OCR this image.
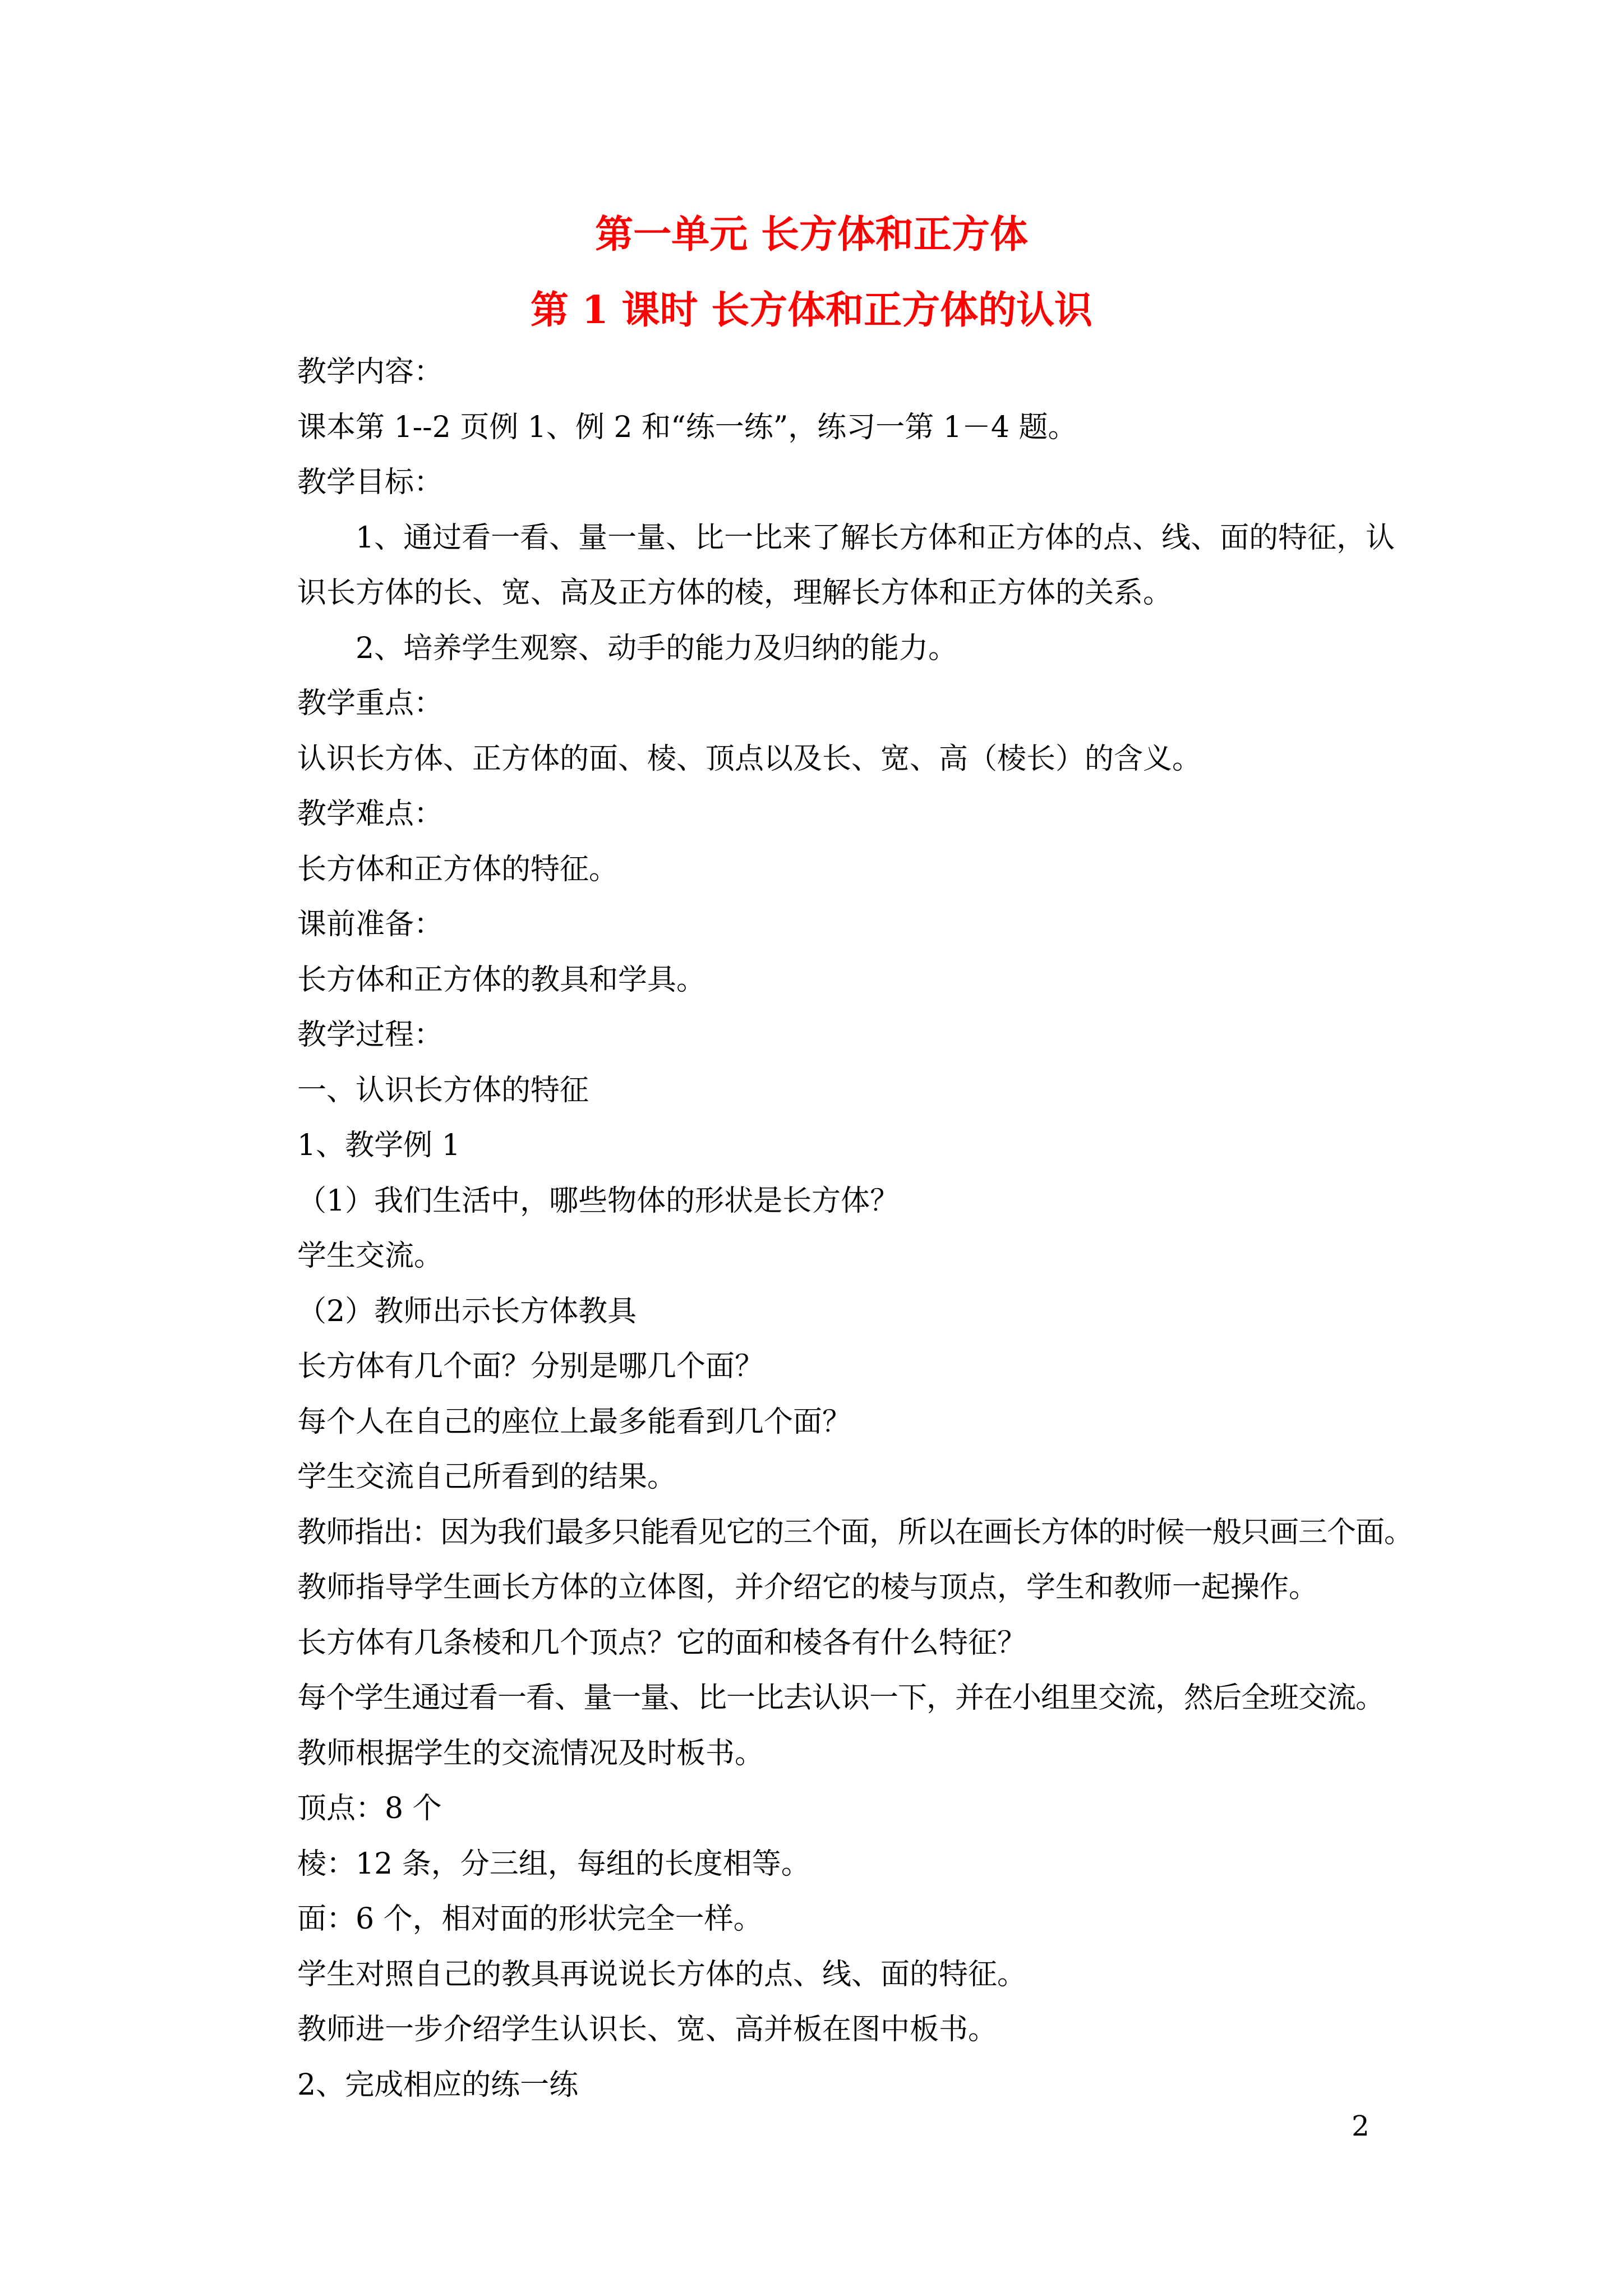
第一单元 长方体和正方体
第 1 课时 长方体和正方体的认识
教学内容：
课本第 1--2 页例 1、例 2 和“练一练”，练习一第 1－4 题。
教学目标：
1、通过看一看、量一量、比一比来了解长方体和正方体的点、线、面的特征，认
识长方体的长、宽、高及正方体的棱，理解长方体和正方体的关系。
2、培养学生观察、动手的能力及归纳的能力。
教学重点：
认识长方体、正方体的面、棱、顶点以及长、宽、高（棱长）的含义。
教学难点：
长方体和正方体的特征。
课前准备：
长方体和正方体的教具和学具。
教学过程：
一、认识长方体的特征
1、教学例 1
（1）我们生活中，哪些物体的形状是长方体？
学生交流。
（2）教师出示长方体教具
长方体有几个面？分别是哪几个面？
每个人在自己的座位上最多能看到几个面？
学生交流自己所看到的结果。
教师指出：因为我们最多只能看见它的三个面，所以在画长方体的时候一般只画三个面。
教师指导学生画长方体的立体图，并介绍它的棱与顶点，学生和教师一起操作。
长方体有几条棱和几个顶点？它的面和棱各有什么特征？
每个学生通过看一看、量一量、比一比去认识一下，并在小组里交流，然后全班交流。
教师根据学生的交流情况及时板书。
顶点：8 个
棱：12 条，分三组，每组的长度相等。
面：6 个，相对面的形状完全一样。
学生对照自己的教具再说说长方体的点、线、面的特征。
教师进一步介绍学生认识长、宽、高并板在图中板书。
2、完成相应的练一练
2
